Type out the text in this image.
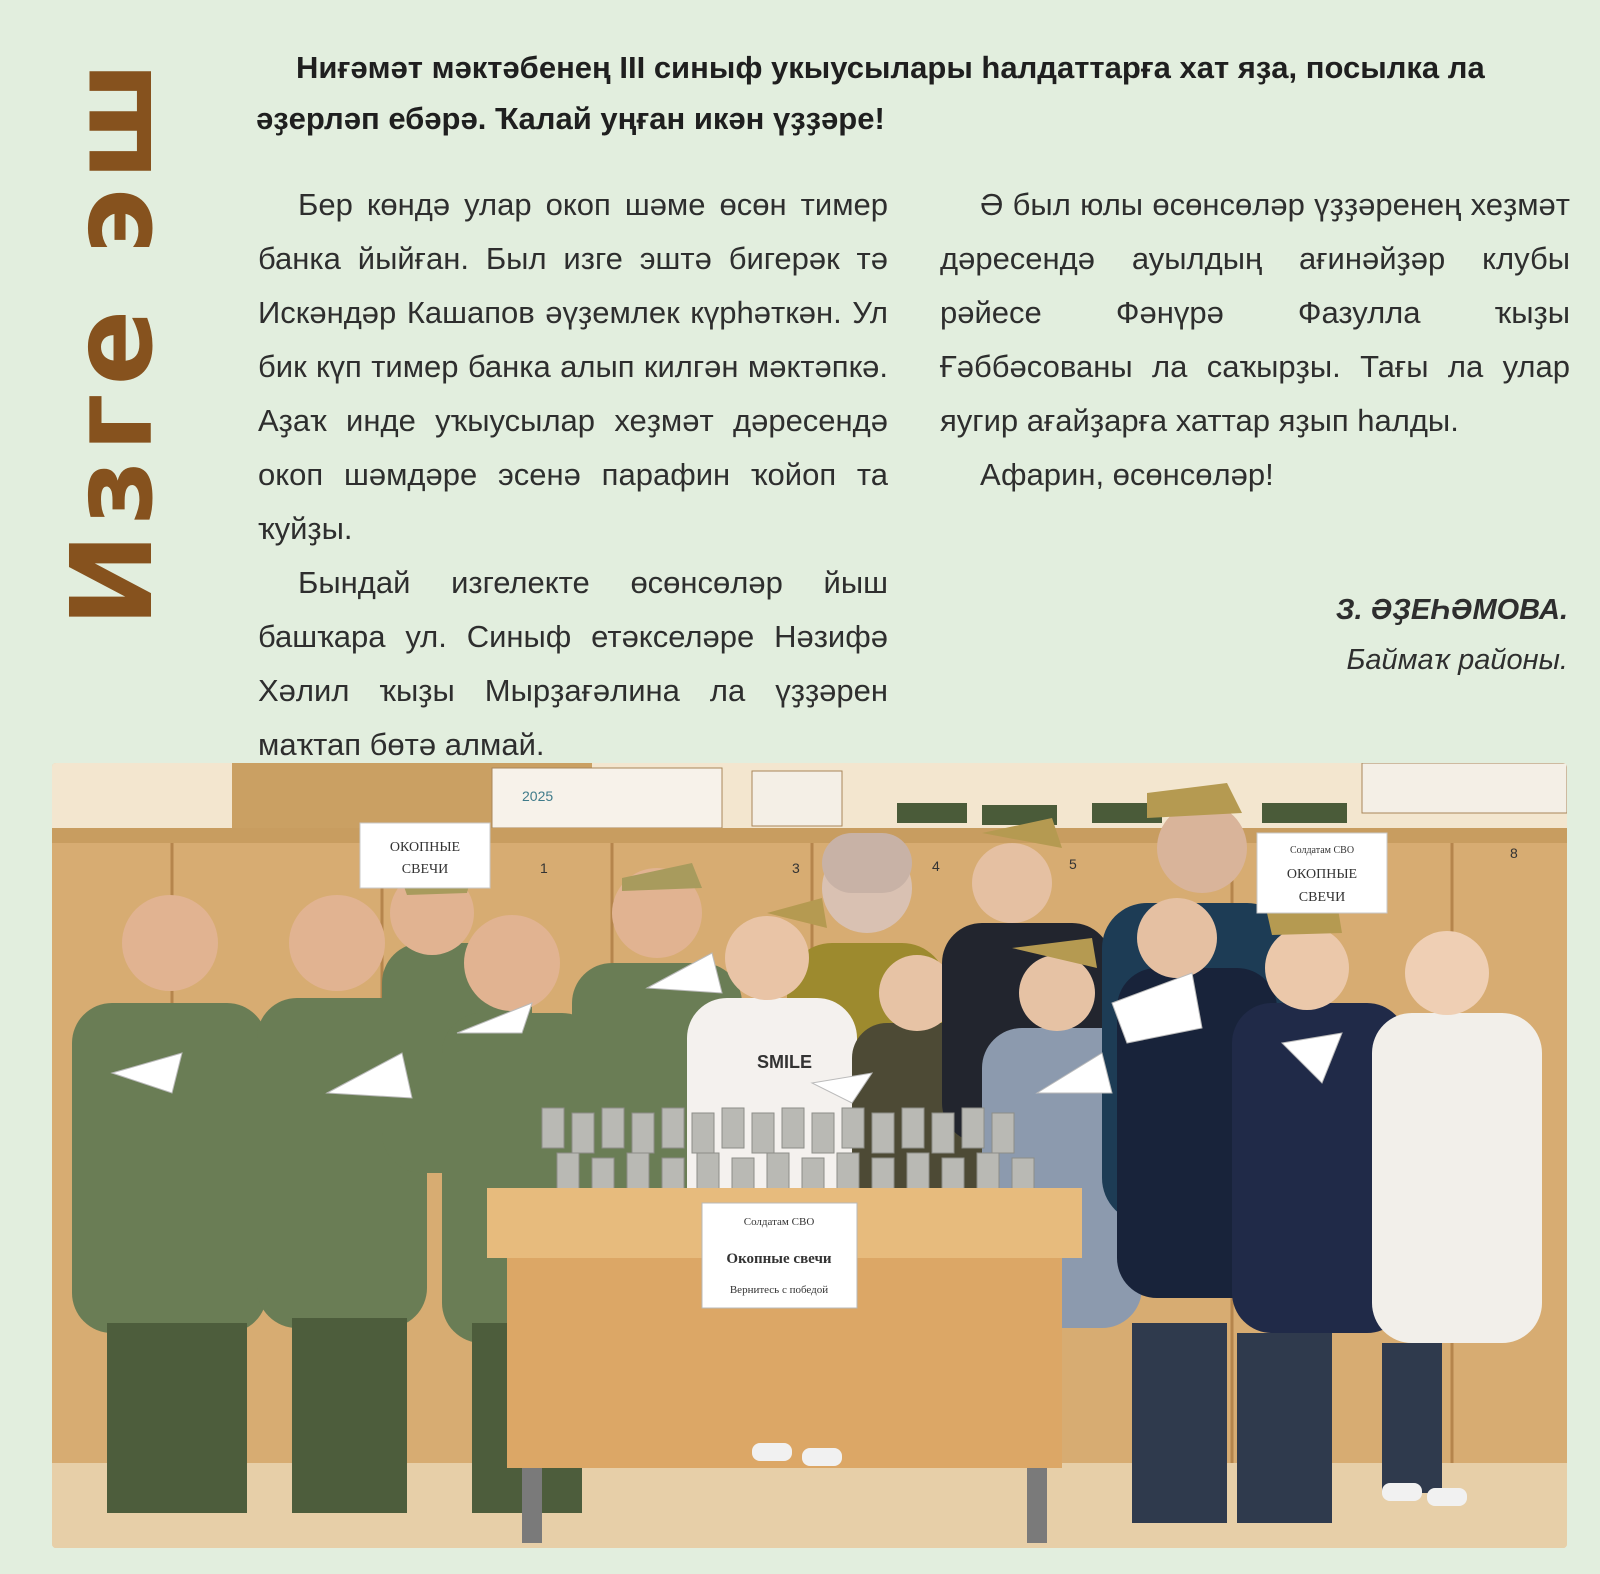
Изге эш	Ниғәмәт мәктәбенең III синыф укыусылары һалдаттарға хат яҙа, посылка ла әҙерләп ебәрә. Ҡалай уңған икән үҙҙәре!

Бер көндә улар окоп шәме өсөн тимер банка йыйған. Был изге эштә бигерәк тә Искәндәр Кашапов әүҙемлек күрһәткән. Ул бик күп тимер банка алып килгән мәктәпкә. Аҙаҡ инде уҡыусылар хеҙмәт дәресендә окоп шәмдәре эсенә парафин ҡойоп та ҡуйҙы.

Бындай изгелекте өсөнсөләр йыш башҡара ул. Синыф етәкселәре Нәзифә Хәлил ҡыҙы Мырҙағәлина ла үҙҙәрен маҡтап бөтә алмай.

Ә был юлы өсөнсөләр үҙҙәренең хеҙмәт дәресендә ауылдың ағинәйҙәр клубы рәйесе Фәнүрә Фазулла ҡыҙы Ғәббәсованы ла саҡырҙы. Тағы ла улар яугир ағайҙарға хаттар яҙып һалды.

Афарин, өсөнсөләр!

З. ӘҘЕҺӘМОВА.
Баймаҡ районы.
2025
1	3	4	5
8
SMILE
ОКОПНЫЕ
СВЕЧИ
Солдатам СВО
ОКОПНЫЕ
СВЕЧИ
Солдатам СВО
Окопные свечи
Вернитесь с победой
